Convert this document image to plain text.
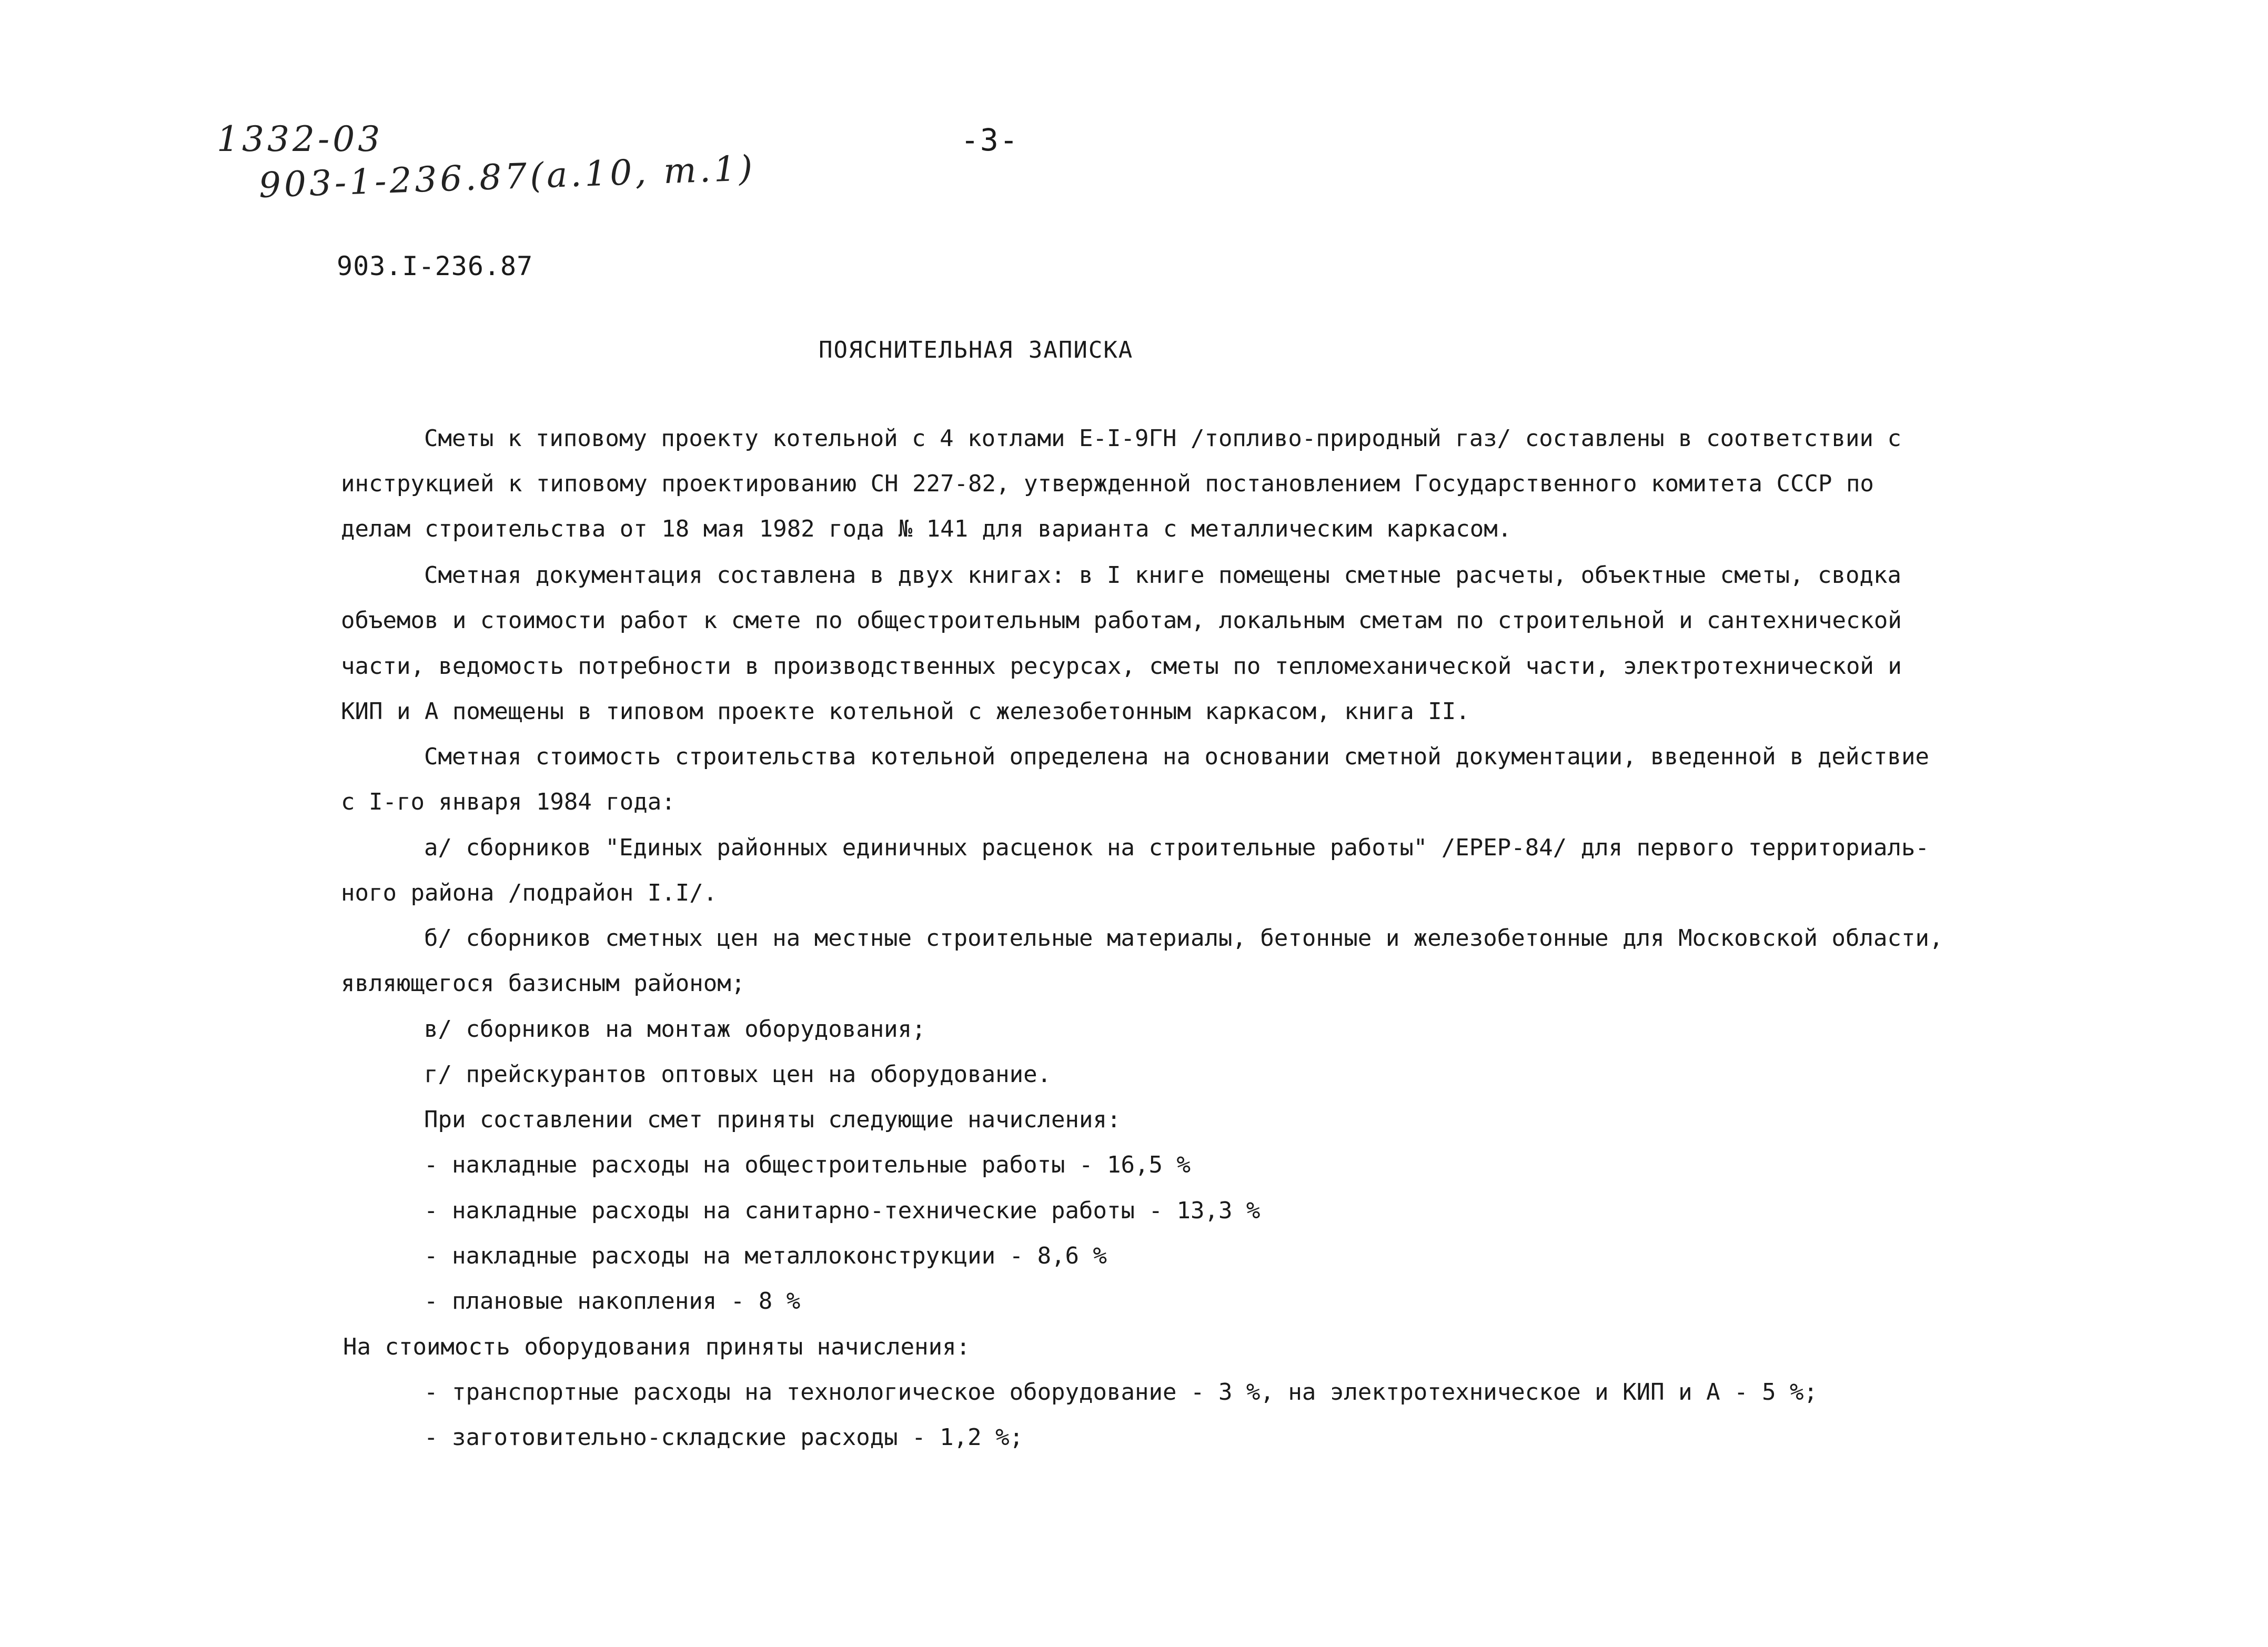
1332-03
903-1-236.87(a.10, т.1)
-3-
903.I-236.87
ПОЯСНИТЕЛЬНАЯ ЗАПИСКА
Сметы к типовому проекту котельной с 4 котлами Е-I-9ГН /топливо-природный газ/ составлены в соответствии с
инструкцией к типовому проектированию СН 227-82, утвержденной постановлением Государственного комитета СССР по
делам строительства от 18 мая 1982 года № 141 для варианта с металлическим каркасом.
Сметная документация составлена в двух книгах: в I книге помещены сметные расчеты, объектные сметы, сводка
объемов и стоимости работ к смете по общестроительным работам, локальным сметам по строительной и сантехнической
части, ведомость потребности в производственных ресурсах, сметы по тепломеханической части, электротехнической и
КИП и А помещены в типовом проекте котельной с железобетонным каркасом, книга II.
Сметная стоимость строительства котельной определена на основании сметной документации, введенной в действие
с I-го января 1984 года:
а/ сборников "Единых районных единичных расценок на строительные работы" /ЕРЕР-84/ для первого территориаль-
ного района /подрайон I.I/.
б/ сборников сметных цен на местные строительные материалы, бетонные и железобетонные для Московской области,
являющегося базисным районом;
в/ сборников на монтаж оборудования;
г/ прейскурантов оптовых цен на оборудование.
При составлении смет приняты следующие начисления:
- накладные расходы на общестроительные работы - 16,5 %
- накладные расходы на санитарно-технические работы - 13,3 %
- накладные расходы на металлоконструкции - 8,6 %
- плановые накопления - 8 %
На стоимость оборудования приняты начисления:
- транспортные расходы на технологическое оборудование - 3 %, на электротехническое и КИП и А - 5 %;
- заготовительно-складские расходы - 1,2 %;
